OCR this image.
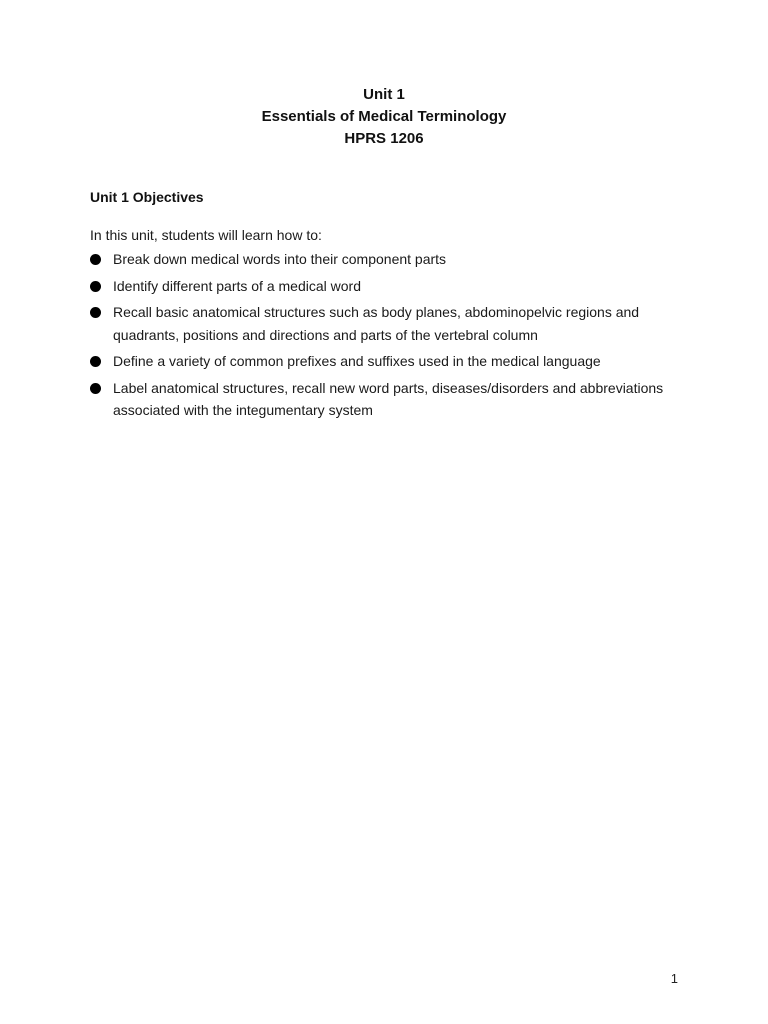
Unit 1
Essentials of Medical Terminology
HPRS 1206
Unit 1 Objectives
In this unit, students will learn how to:
Break down medical words into their component parts
Identify different parts of a medical word
Recall basic anatomical structures such as body planes, abdominopelvic regions and quadrants, positions and directions and parts of the vertebral column
Define a variety of common prefixes and suffixes used in the medical language
Label anatomical structures, recall new word parts, diseases/disorders and abbreviations associated with the integumentary system
1
